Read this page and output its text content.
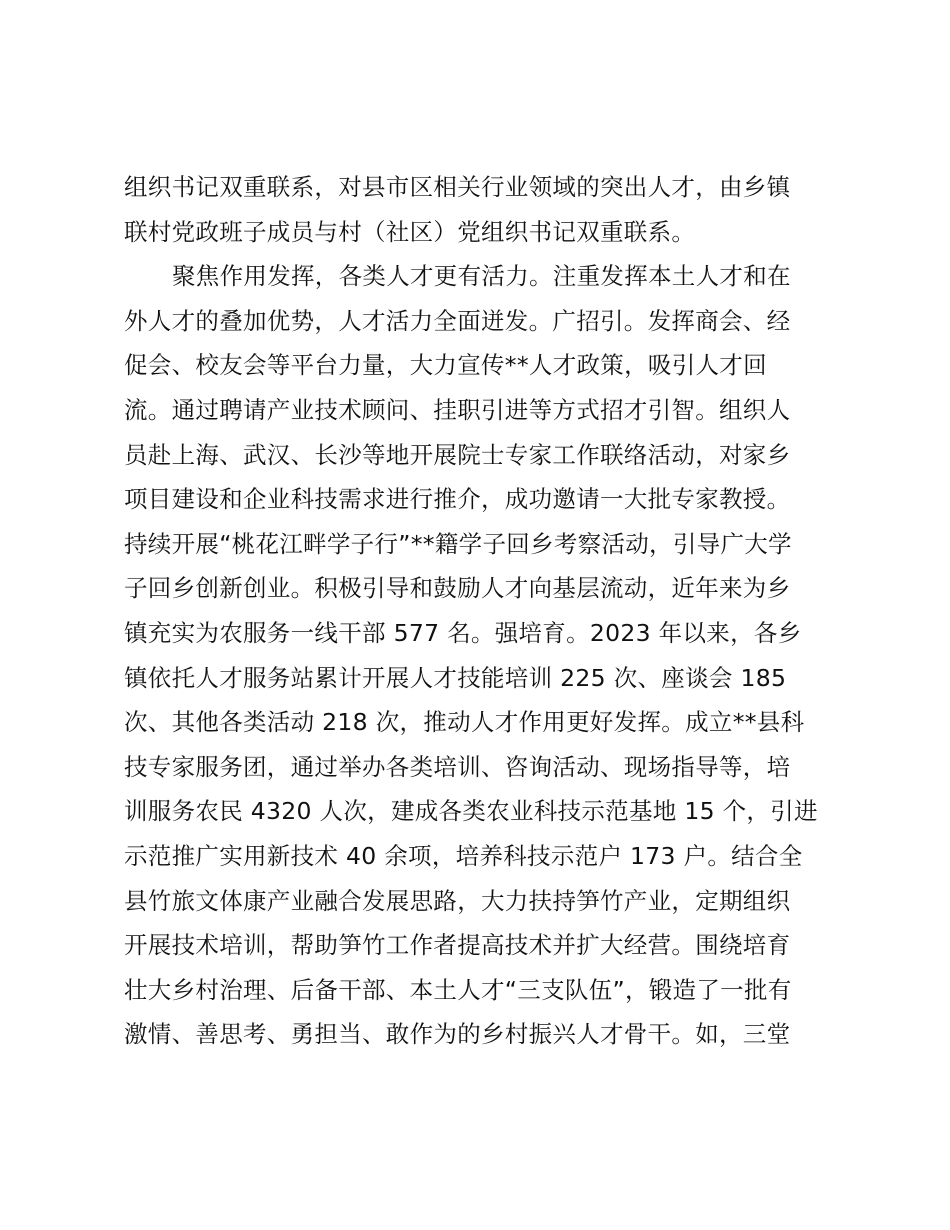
组织书记双重联系，对县市区相关行业领域的突出人才，由乡镇
联村党政班子成员与村（社区）党组织书记双重联系。
聚焦作用发挥，各类人才更有活力。注重发挥本土人才和在
外人才的叠加优势，人才活力全面迸发。广招引。发挥商会、经
促会、校友会等平台力量，大力宣传**人才政策，吸引人才回
流。通过聘请产业技术顾问、挂职引进等方式招才引智。组织人
员赴上海、武汉、长沙等地开展院士专家工作联络活动，对家乡
项目建设和企业科技需求进行推介，成功邀请一大批专家教授。
持续开展“桃花江畔学子行”**籍学子回乡考察活动，引导广大学
子回乡创新创业。积极引导和鼓励人才向基层流动，近年来为乡
镇充实为农服务一线干部 577 名。强培育。2023 年以来，各乡
镇依托人才服务站累计开展人才技能培训 225 次、座谈会 185
次、其他各类活动 218 次，推动人才作用更好发挥。成立**县科
技专家服务团，通过举办各类培训、咨询活动、现场指导等，培
训服务农民 4320 人次，建成各类农业科技示范基地 15 个，引进
示范推广实用新技术 40 余项，培养科技示范户 173 户。结合全
县竹旅文体康产业融合发展思路，大力扶持笋竹产业，定期组织
开展技术培训，帮助笋竹工作者提高技术并扩大经营。围绕培育
壮大乡村治理、后备干部、本土人才“三支队伍”，锻造了一批有
激情、善思考、勇担当、敢作为的乡村振兴人才骨干。如，三堂
